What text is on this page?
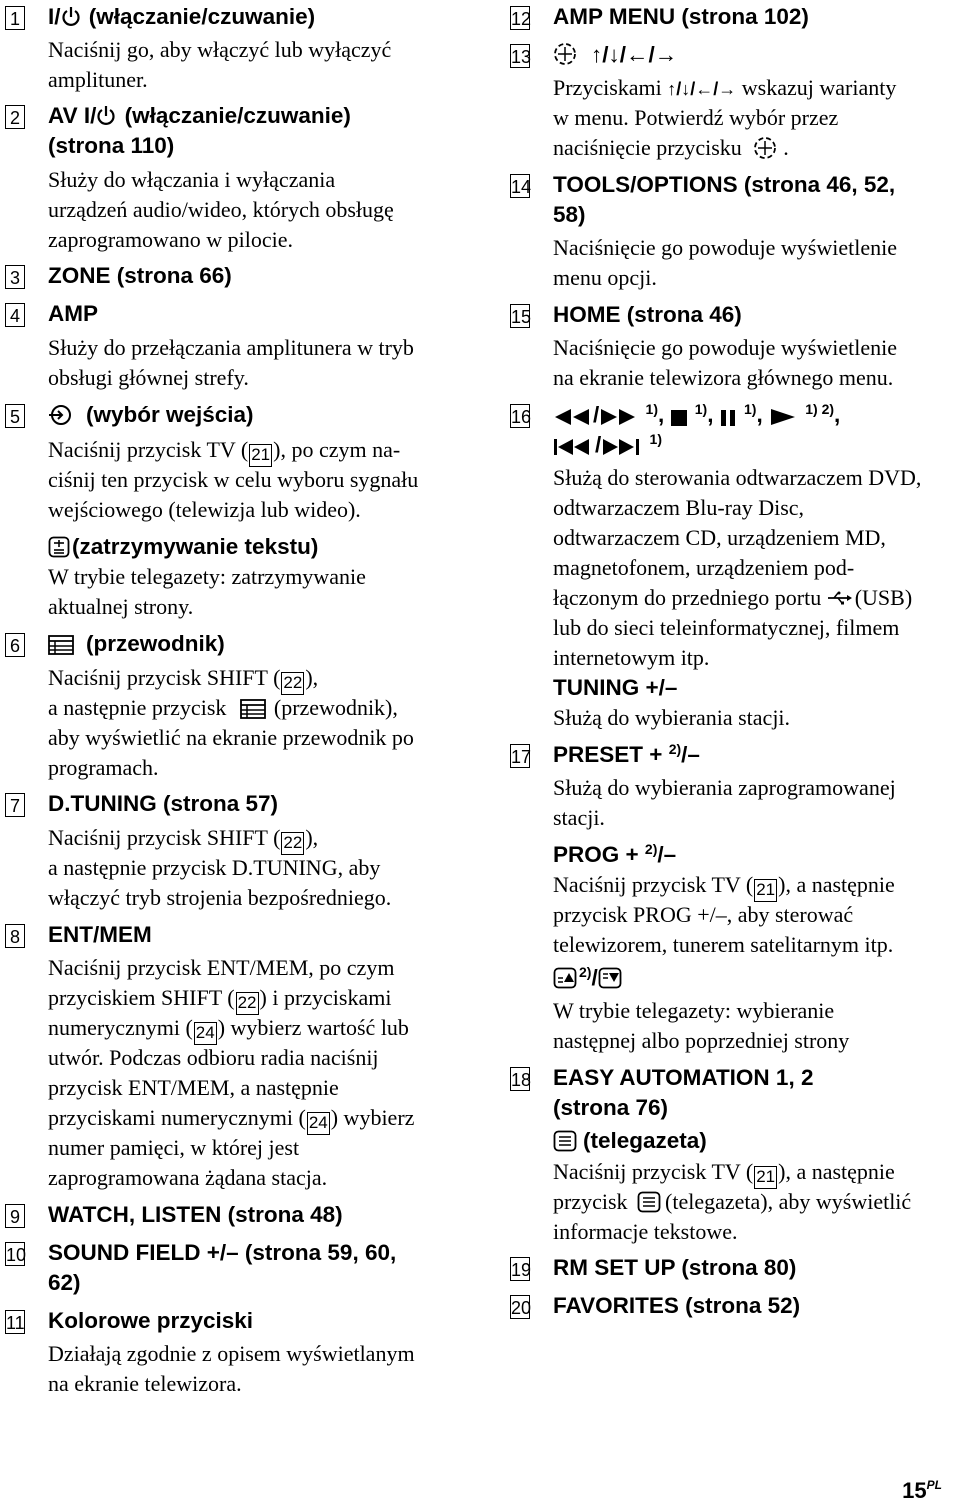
1 I/ (włączanie/czuwanie)
Naciśnij go, aby włączyć lub wyłączyć
amplituner.
2 AV I/ (włączanie/czuwanie)
(strona 110)
Służy do włączania i wyłączania
urządzeń audio/wideo, których obsługę
zaprogramowano w pilocie.
3 ZONE (strona 66)
4 AMP
Służy do przełączania amplitunera w tryb
obsługi głównej strefy.
5	(wybór wejścia)
Naciśnij przycisk TV ( 21 ), po czym na-
ciśnij ten przycisk w celu wyboru sygnału
wejściowego (telewizja lub wideo).
(zatrzymywanie tekstu)
W trybie telegazety: zatrzymywanie
aktualnej strony.
6	(przewodnik)
Naciśnij przycisk SHIFT ( 22 ),
a następnie przycisk (przewodnik),
aby wyświetlić na ekranie przewodnik po
programach.
7 D.TUNING (strona 57)
Naciśnij przycisk SHIFT ( 22 ),
a następnie przycisk D.TUNING, aby
włączyć tryb strojenia bezpośredniego.
8 ENT/MEM
Naciśnij przycisk ENT/MEM, po czym
przyciskiem SHIFT ( 22 ) i przyciskami
numerycznymi ( 24 ) wybierz wartość lub
utwór. Podczas odbioru radia naciśnij
przycisk ENT/MEM, a następnie
przyciskami numerycznymi ( 24 ) wybierz
numer pamięci, w której jest
zaprogramowana żądana stacja.
9 WATCH, LISTEN (strona 48)
10 SOUND FIELD +/– (strona 59, 60,
62)
11 Kolorowe przyciski
Działają zgodnie z opisem wyświetlanym
na ekranie telewizora.
12 AMP MENU (strona 102)
13	↑/↓/←/→
Przyciskami ↑/↓/←/→ wskazuj warianty
w menu. Potwierdź wybór przez
naciśnięcie przycisku .
14 TOOLS/OPTIONS (strona 46, 52,
58)
Naciśnięcie go powoduje wyświetlenie
menu opcji.
15 HOME (strona 46)
Naciśnięcie go powoduje wyświetlenie
na ekranie telewizora głównego menu.
16	/	$^{1)}$,  $^{1)}$,  $^{1)}$,	$^{1) 2)}$,
/	$^{1)}$
Służą do sterowania odtwarzaczem DVD,
odtwarzaczem Blu-ray Disc,
odtwarzaczem CD, urządzeniem MD,
magnetofonem, urządzeniem pod-
łączonym do przedniego portu (USB)
lub do sieci teleinformatycznej, filmem
internetowym itp.
TUNING +/–
Służą do wybierania stacji.
17 PRESET + $^{2)}$/–
Służą do wybierania zaprogramowanej
stacji.
PROG + $^{2)}$/–
Naciśnij przycisk TV ( 21 ), a następnie
przycisk PROG +/–, aby sterować
telewizorem, tunerem satelitarnym itp.
$^{2)}$/
W trybie telegazety: wybieranie
następnej albo poprzedniej strony
18 EASY AUTOMATION 1, 2
(strona 76)
(telegazeta)
Naciśnij przycisk TV ( 21 ), a następnie
przycisk (telegazeta), aby wyświetlić
informacje tekstowe.
19 RM SET UP (strona 80)
20 FAVORITES (strona 52)
$15^{PL}$
